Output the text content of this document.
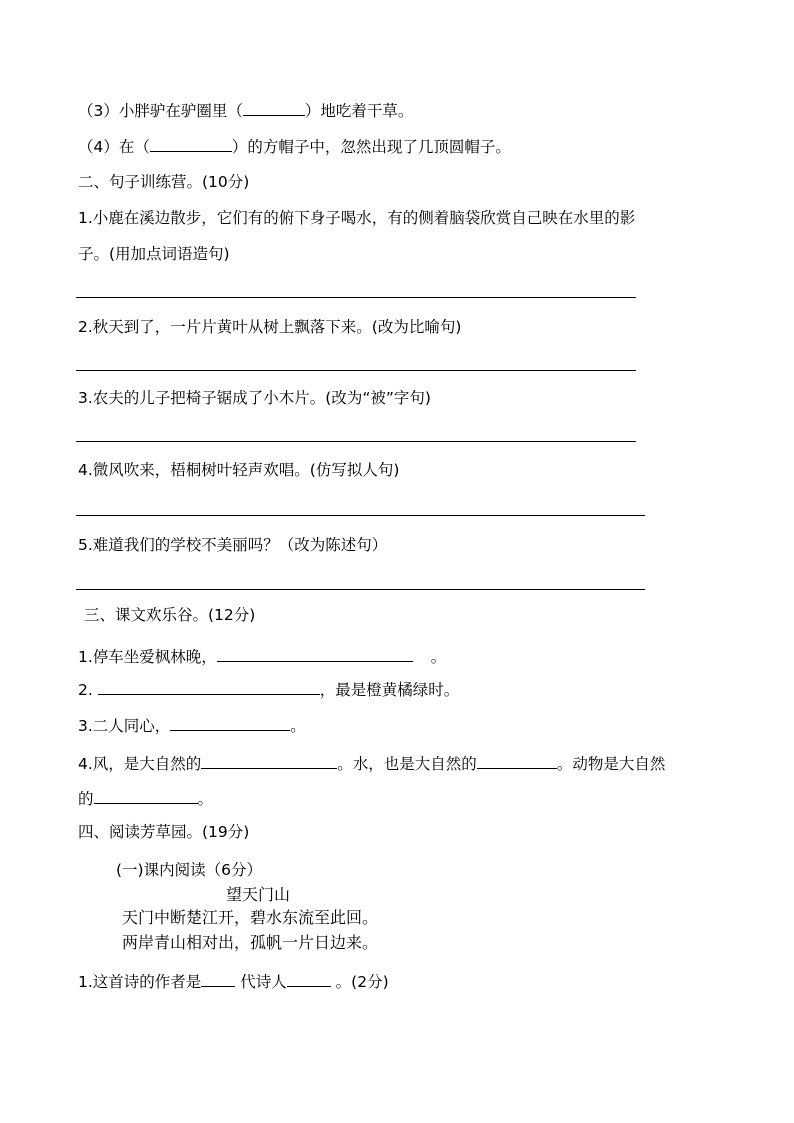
（3）小胖驴在驴圈里（	）地吃着干草。
（4）在（	）的方帽子中，忽然出现了几顶圆帽子。
二、句子训练营。(10分)
1.小鹿在溪边散步，它们有的俯下身子喝水，有的侧着脑袋欣赏自己映在水里的影
子。(用加点词语造句)
2.秋天到了，一片片黄叶从树上飘落下来。(改为比喻句)
3.农夫的儿子把椅子锯成了小木片。(改为“被”字句)
4.微风吹来，梧桐树叶轻声欢唱。(仿写拟人句)
5.难道我们的学校不美丽吗？（改为陈述句）
三、课文欢乐谷。(12分)
1.停车坐爱枫林晚，	。
2.	，最是橙黄橘绿时。
3.二人同心，	。
4.风，是大自然的	。水，也是大自然的	。动物是大自然
的	。
四、阅读芳草园。(19分)
(一)课内阅读（6分）
望天门山
天门中断楚江开，碧水东流至此回。
两岸青山相对出，孤帆一片日边来。
1.这首诗的作者是 代诗人	。(2分)
